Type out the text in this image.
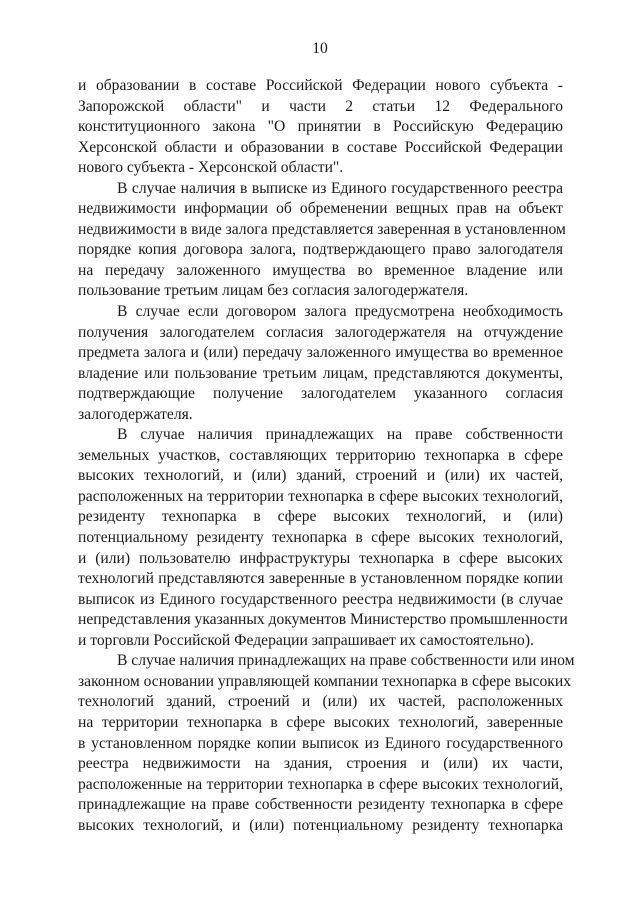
10
и образовании в составе Российской Федерации нового субъекта -
Запорожской области" и части 2 статьи 12 Федерального
конституционного закона "О принятии в Российскую Федерацию
Херсонской области и образовании в составе Российской Федерации
нового субъекта - Херсонской области".
В случае наличия в выписке из Единого государственного реестра
недвижимости информации об обременении вещных прав на объект
недвижимости в виде залога представляется заверенная в установленном
порядке копия договора залога, подтверждающего право залогодателя
на передачу заложенного имущества во временное владение или
пользование третьим лицам без согласия залогодержателя.
В случае если договором залога предусмотрена необходимость
получения залогодателем согласия залогодержателя на отчуждение
предмета залога и (или) передачу заложенного имущества во временное
владение или пользование третьим лицам, представляются документы,
подтверждающие получение залогодателем указанного согласия
залогодержателя.
В случае наличия принадлежащих на праве собственности
земельных участков, составляющих территорию технопарка в сфере
высоких технологий, и (или) зданий, строений и (или) их частей,
расположенных на территории технопарка в сфере высоких технологий,
резиденту технопарка в сфере высоких технологий, и (или)
потенциальному резиденту технопарка в сфере высоких технологий,
и (или) пользователю инфраструктуры технопарка в сфере высоких
технологий представляются заверенные в установленном порядке копии
выписок из Единого государственного реестра недвижимости (в случае
непредставления указанных документов Министерство промышленности
и торговли Российской Федерации запрашивает их самостоятельно).
В случае наличия принадлежащих на праве собственности или ином
законном основании управляющей компании технопарка в сфере высоких
технологий зданий, строений и (или) их частей, расположенных
на территории технопарка в сфере высоких технологий, заверенные
в установленном порядке копии выписок из Единого государственного
реестра недвижимости на здания, строения и (или) их части,
расположенные на территории технопарка в сфере высоких технологий,
принадлежащие на праве собственности резиденту технопарка в сфере
высоких технологий, и (или) потенциальному резиденту технопарка
